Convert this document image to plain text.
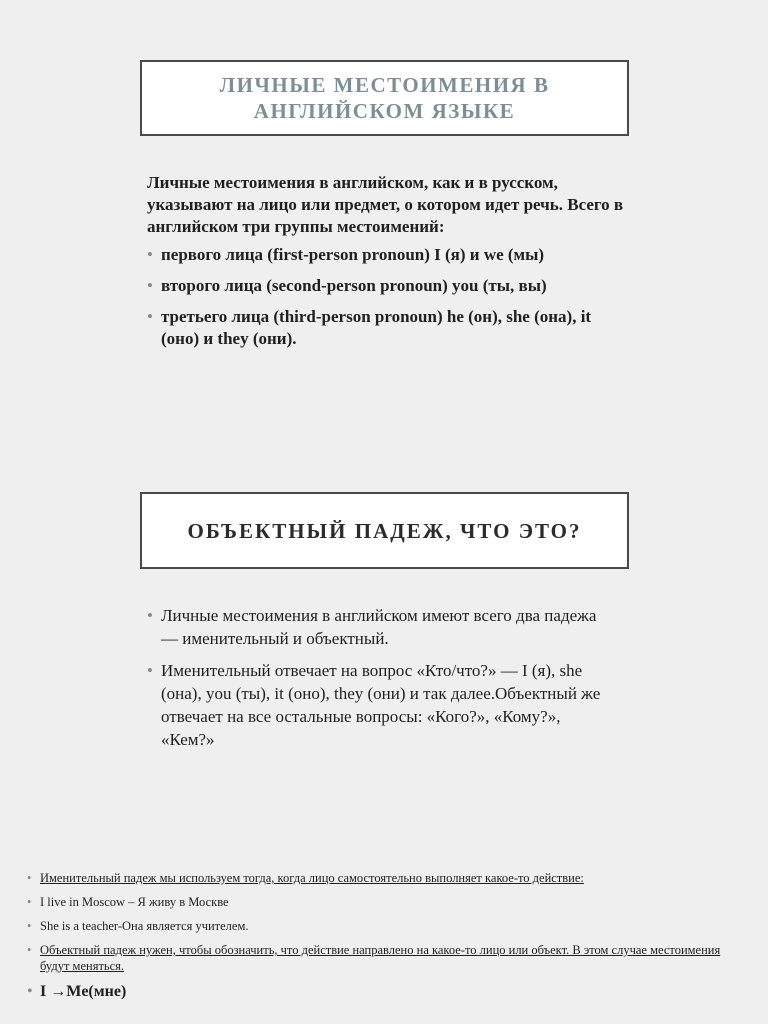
ЛИЧНЫЕ МЕСТОИМЕНИЯ В АНГЛИЙСКОМ ЯЗЫКЕ

Личные местоимения в английском, как и в русском, указывают на лицо или предмет, о котором идет речь. Всего в английском три группы местоимений:

• первого лица (first-person pronoun) I (я) и we (мы)
• второго лица (second-person pronoun) you (ты, вы)
• третьего лица (third-person pronoun) he (он), she (она), it (оно) и they (они).
ОБЪЕКТНЫЙ ПАДЕЖ, ЧТО ЭТО?
• Личные местоимения в английском имеют всего два падежа — именительный и объектный.
• Именительный отвечает на вопрос «Кто/что?» — I (я), she (она), you (ты), it (оно), they (они) и так далее.Объектный же отвечает на все остальные вопросы: «Кого?», «Кому?», «Кем?»
• Именительный падеж мы используем тогда, когда лицо самостоятельно выполняет какое-то действие:
• I live in Moscow – Я живу в Москве
• She is a teacher-Она является учителем.
• Объектный падеж нужен, чтобы обозначить, что действие направлено на какое-то лицо или объект. В этом случае местоимения будут меняться.
• I →Me(мне)
